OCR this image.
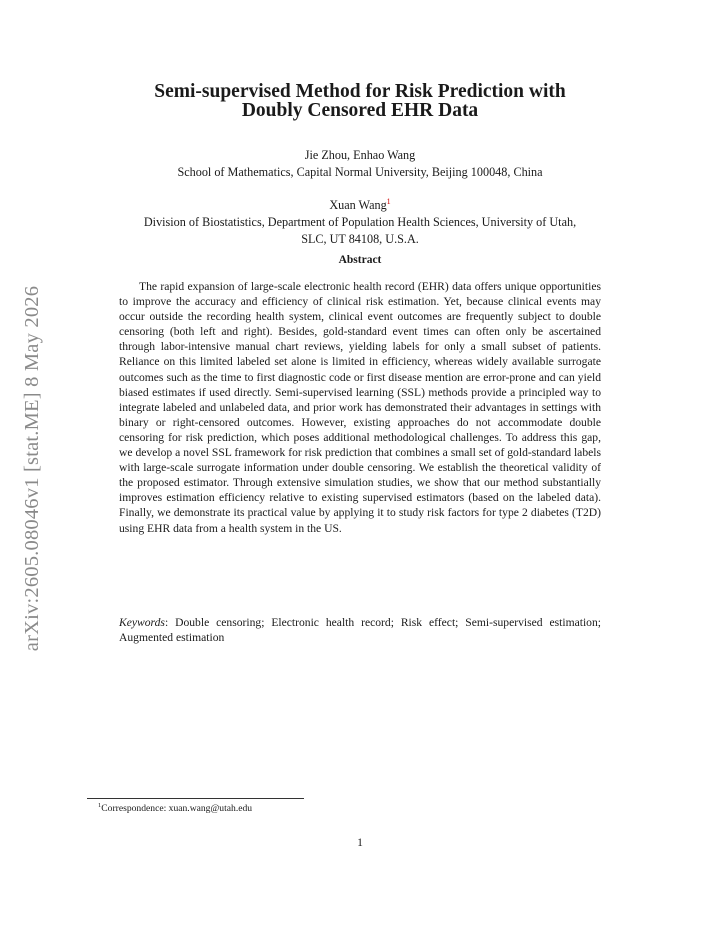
arXiv:2605.08046v1 [stat.ME] 8 May 2026
Semi-supervised Method for Risk Prediction with
Doubly Censored EHR Data
Jie Zhou, Enhao Wang
School of Mathematics, Capital Normal University, Beijing 100048, China
Xuan Wang$^1$
Division of Biostatistics, Department of Population Health Sciences, University of Utah,
SLC, UT 84108, U.S.A.
Abstract

The rapid expansion of large-scale electronic health record (EHR) data offers unique opportunities to improve the accuracy and efficiency of clinical risk estimation. Yet, because clinical events may occur outside the recording health system, clinical event outcomes are frequently subject to double censoring (both left and right). Besides, gold-standard event times can often only be ascertained through labor-intensive manual chart reviews, yielding labels for only a small subset of patients. Reliance on this limited labeled set alone is limited in efficiency, whereas widely available surrogate outcomes such as the time to first diagnostic code or first disease mention are error-prone and can yield biased estimates if used directly. Semi-supervised learning (SSL) methods provide a principled way to integrate labeled and unlabeled data, and prior work has demonstrated their advantages in settings with binary or right-censored outcomes. However, existing approaches do not accommodate double censoring for risk prediction, which poses additional methodological challenges. To address this gap, we develop a novel SSL framework for risk prediction that combines a small set of gold-standard labels with large-scale surrogate information under double censoring. We establish the theoretical validity of the proposed estimator. Through extensive simulation studies, we show that our method substantially improves estimation efficiency relative to existing supervised estimators (based on the labeled data). Finally, we demonstrate its practical value by applying it to study risk factors for type 2 diabetes (T2D) using EHR data from a health system in the US.

Keywords: Double censoring; Electronic health record; Risk effect; Semi-supervised estimation; Augmented estimation

$^1$Correspondence: xuan.wang@utah.edu
1
